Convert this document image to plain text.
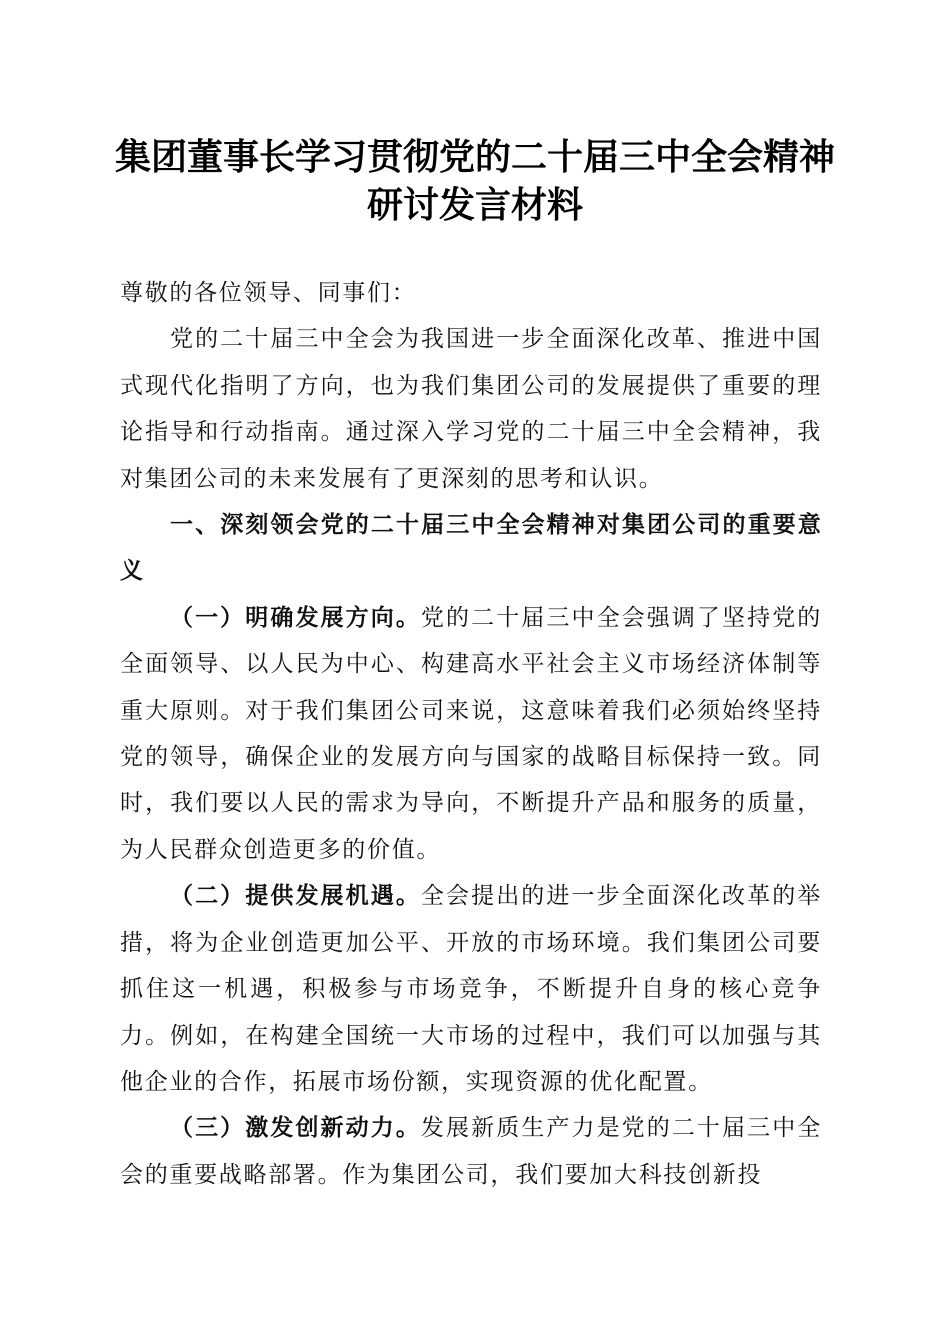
集团董事长学习贯彻党的二十届三中全会精神
研讨发言材料

尊敬的各位领导、同事们：

党的二十届三中全会为我国进一步全面深化改革、推进中国式现代化指明了方向，也为我们集团公司的发展提供了重要的理论指导和行动指南。通过深入学习党的二十届三中全会精神，我对集团公司的未来发展有了更深刻的思考和认识。

一、深刻领会党的二十届三中全会精神对集团公司的重要意义

（一）明确发展方向。党的二十届三中全会强调了坚持党的全面领导、以人民为中心、构建高水平社会主义市场经济体制等重大原则。对于我们集团公司来说，这意味着我们必须始终坚持党的领导，确保企业的发展方向与国家的战略目标保持一致。同时，我们要以人民的需求为导向，不断提升产品和服务的质量，为人民群众创造更多的价值。

（二）提供发展机遇。全会提出的进一步全面深化改革的举措，将为企业创造更加公平、开放的市场环境。我们集团公司要抓住这一机遇，积极参与市场竞争，不断提升自身的核心竞争力。例如，在构建全国统一大市场的过程中，我们可以加强与其他企业的合作，拓展市场份额，实现资源的优化配置。

（三）激发创新动力。发展新质生产力是党的二十届三中全会的重要战略部署。作为集团公司，我们要加大科技创新投
